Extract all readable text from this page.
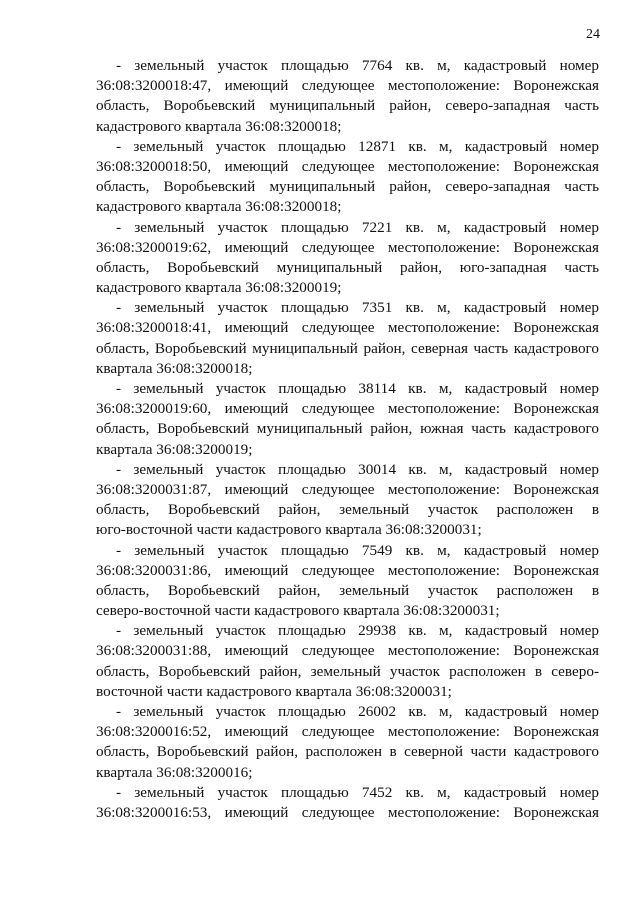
24
- земельный участок площадью 7764 кв. м, кадастровый номер
36:08:3200018:47, имеющий следующее местоположение: Воронежская
область, Воробьевский муниципальный район, северо-западная часть
кадастрового квартала 36:08:3200018;
- земельный участок площадью 12871 кв. м, кадастровый номер
36:08:3200018:50, имеющий следующее местоположение: Воронежская
область, Воробьевский муниципальный район, северо-западная часть
кадастрового квартала 36:08:3200018;
- земельный участок площадью 7221 кв. м, кадастровый номер
36:08:3200019:62, имеющий следующее местоположение: Воронежская
область, Воробьевский муниципальный район, юго-западная часть
кадастрового квартала 36:08:3200019;
- земельный участок площадью 7351 кв. м, кадастровый номер
36:08:3200018:41, имеющий следующее местоположение: Воронежская
область, Воробьевский муниципальный район, северная часть кадастрового
квартала 36:08:3200018;
- земельный участок площадью 38114 кв. м, кадастровый номер
36:08:3200019:60, имеющий следующее местоположение: Воронежская
область, Воробьевский муниципальный район, южная часть кадастрового
квартала 36:08:3200019;
- земельный участок площадью 30014 кв. м, кадастровый номер
36:08:3200031:87, имеющий следующее местоположение: Воронежская
область, Воробьевский район, земельный участок расположен в
юго-восточной части кадастрового квартала 36:08:3200031;
- земельный участок площадью 7549 кв. м, кадастровый номер
36:08:3200031:86, имеющий следующее местоположение: Воронежская
область, Воробьевский район, земельный участок расположен в
северо-восточной части кадастрового квартала 36:08:3200031;
- земельный участок площадью 29938 кв. м, кадастровый номер
36:08:3200031:88, имеющий следующее местоположение: Воронежская
область, Воробьевский район, земельный участок расположен в северо-
восточной части кадастрового квартала 36:08:3200031;
- земельный участок площадью 26002 кв. м, кадастровый номер
36:08:3200016:52, имеющий следующее местоположение: Воронежская
область, Воробьевский район, расположен в северной части кадастрового
квартала 36:08:3200016;
- земельный участок площадью 7452 кв. м, кадастровый номер
36:08:3200016:53, имеющий следующее местоположение: Воронежская
